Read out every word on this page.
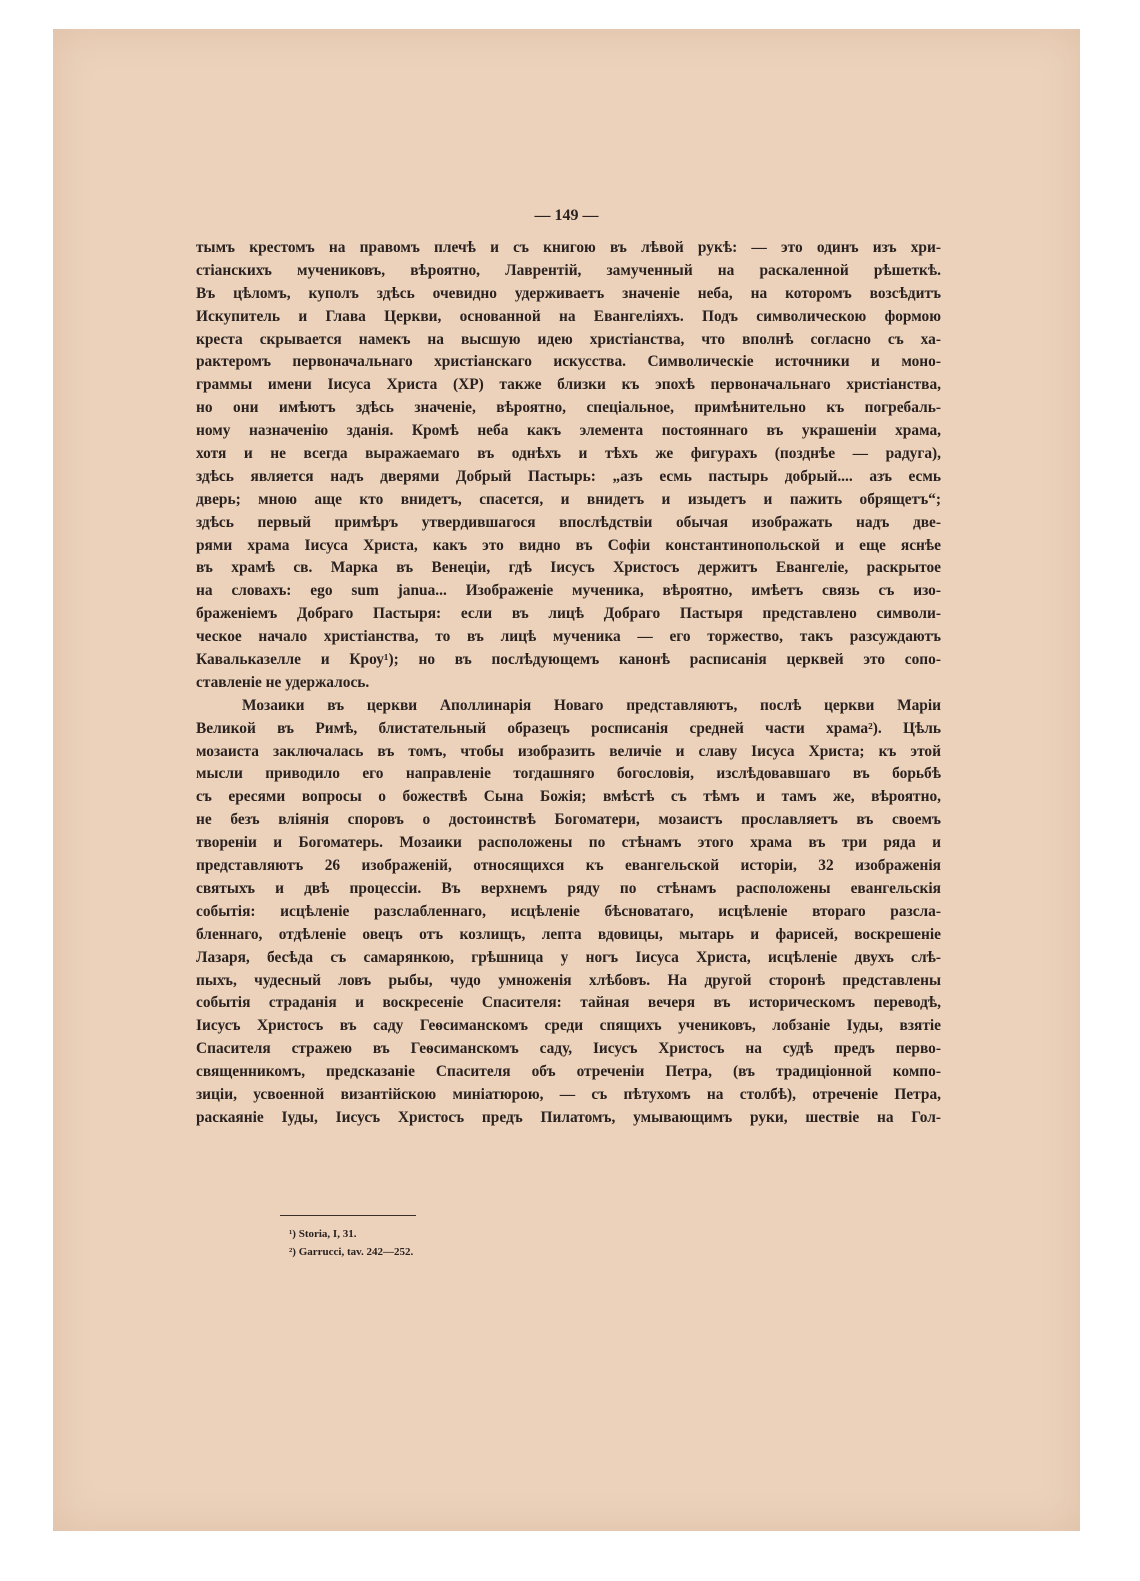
— 149 —
тымъ крестомъ на правомъ плечѣ и съ книгою въ лѣвой рукѣ: — это одинъ изъ хри-
стіанскихъ мучениковъ, вѣроятно, Лаврентій, замученный на раскаленной рѣшеткѣ.
Въ цѣломъ, куполъ здѣсь очевидно удерживаетъ значеніе неба, на которомъ возсѣдитъ
Искупитель и Глава Церкви, основанной на Евангеліяхъ. Подъ символическою формою
креста скрывается намекъ на высшую идею христіанства, что вполнѣ согласно съ ха-
рактеромъ первоначальнаго христіанскаго искусства. Символическіе источники и моно-
граммы имени Іисуса Христа (XP) также близки къ эпохѣ первоначальнаго христіанства,
но они имѣютъ здѣсь значеніе, вѣроятно, спеціальное, примѣнительно къ погребаль-
ному назначенію зданія. Кромѣ неба какъ элемента постояннаго въ украшеніи храма,
хотя и не всегда выражаемаго въ однѣхъ и тѣхъ же фигурахъ (позднѣе — радуга),
здѣсь является надъ дверями Добрый Пастырь: „азъ есмь пастырь добрый.... азъ есмь
дверь; мною аще кто внидетъ, спасется, и внидетъ и изыдетъ и пажить обрящетъ“;
здѣсь первый примѣръ утвердившагося впослѣдствіи обычая изображать надъ две-
рями храма Іисуса Христа, какъ это видно въ Софіи константинопольской и еще яснѣе
въ храмѣ св. Марка въ Венеціи, гдѣ Іисусъ Христосъ держитъ Евангеліе, раскрытое
на словахъ: ego sum janua... Изображеніе мученика, вѣроятно, имѣетъ связь съ изо-
браженіемъ Добраго Пастыря: если въ лицѣ Добраго Пастыря представлено символи-
ческое начало христіанства, то въ лицѣ мученика — его торжество, такъ разсуждаютъ
Кавальказелле и Кроу¹); но въ послѣдующемъ канонѣ расписанія церквей это сопо-
ставленіе не удержалось.
Мозаики въ церкви Аполлинарія Новаго представляютъ, послѣ церкви Маріи
Великой въ Римѣ, блистательный образецъ росписанія средней части храма²). Цѣль
мозаиста заключалась въ томъ, чтобы изобразить величіе и славу Іисуса Христа; къ этой
мысли приводило его направленіе тогдашняго богословія, изслѣдовавшаго въ борьбѣ
съ ересями вопросы о божествѣ Сына Божія; вмѣстѣ съ тѣмъ и тамъ же, вѣроятно,
не безъ вліянія споровъ о достоинствѣ Богоматери, мозаистъ прославляетъ въ своемъ
твореніи и Богоматерь. Мозаики расположены по стѣнамъ этого храма въ три ряда и
представляютъ 26 изображеній, относящихся къ евангельской исторіи, 32 изображенія
святыхъ и двѣ процессіи. Въ верхнемъ ряду по стѣнамъ расположены евангельскія
событія: исцѣленіе разслабленнаго, исцѣленіе бѣсноватаго, исцѣленіе втораго разсла-
бленнаго, отдѣленіе овецъ отъ козлищъ, лепта вдовицы, мытарь и фарисей, воскрешеніе
Лазаря, бесѣда съ самарянкою, грѣшница у ногъ Іисуса Христа, исцѣленіе двухъ слѣ-
пыхъ, чудесный ловъ рыбы, чудо умноженія хлѣбовъ. На другой сторонѣ представлены
событія страданія и воскресеніе Спасителя: тайная вечеря въ историческомъ переводѣ,
Іисусъ Христосъ въ саду Геѳсиманскомъ среди спящихъ учениковъ, лобзаніе Іуды, взятіе
Спасителя стражею въ Геѳсиманскомъ саду, Іисусъ Христосъ на судѣ предъ перво-
священникомъ, предсказаніе Спасителя объ отреченіи Петра, (въ традиціонной компо-
зиціи, усвоенной византійскою миніатюрою, — съ пѣтухомъ на столбѣ), отреченіе Петра,
раскаяніе Іуды, Іисусъ Христосъ предъ Пилатомъ, умывающимъ руки, шествіе на Гол-
¹) Storia, I, 31.
²) Garrucci, tav. 242—252.
